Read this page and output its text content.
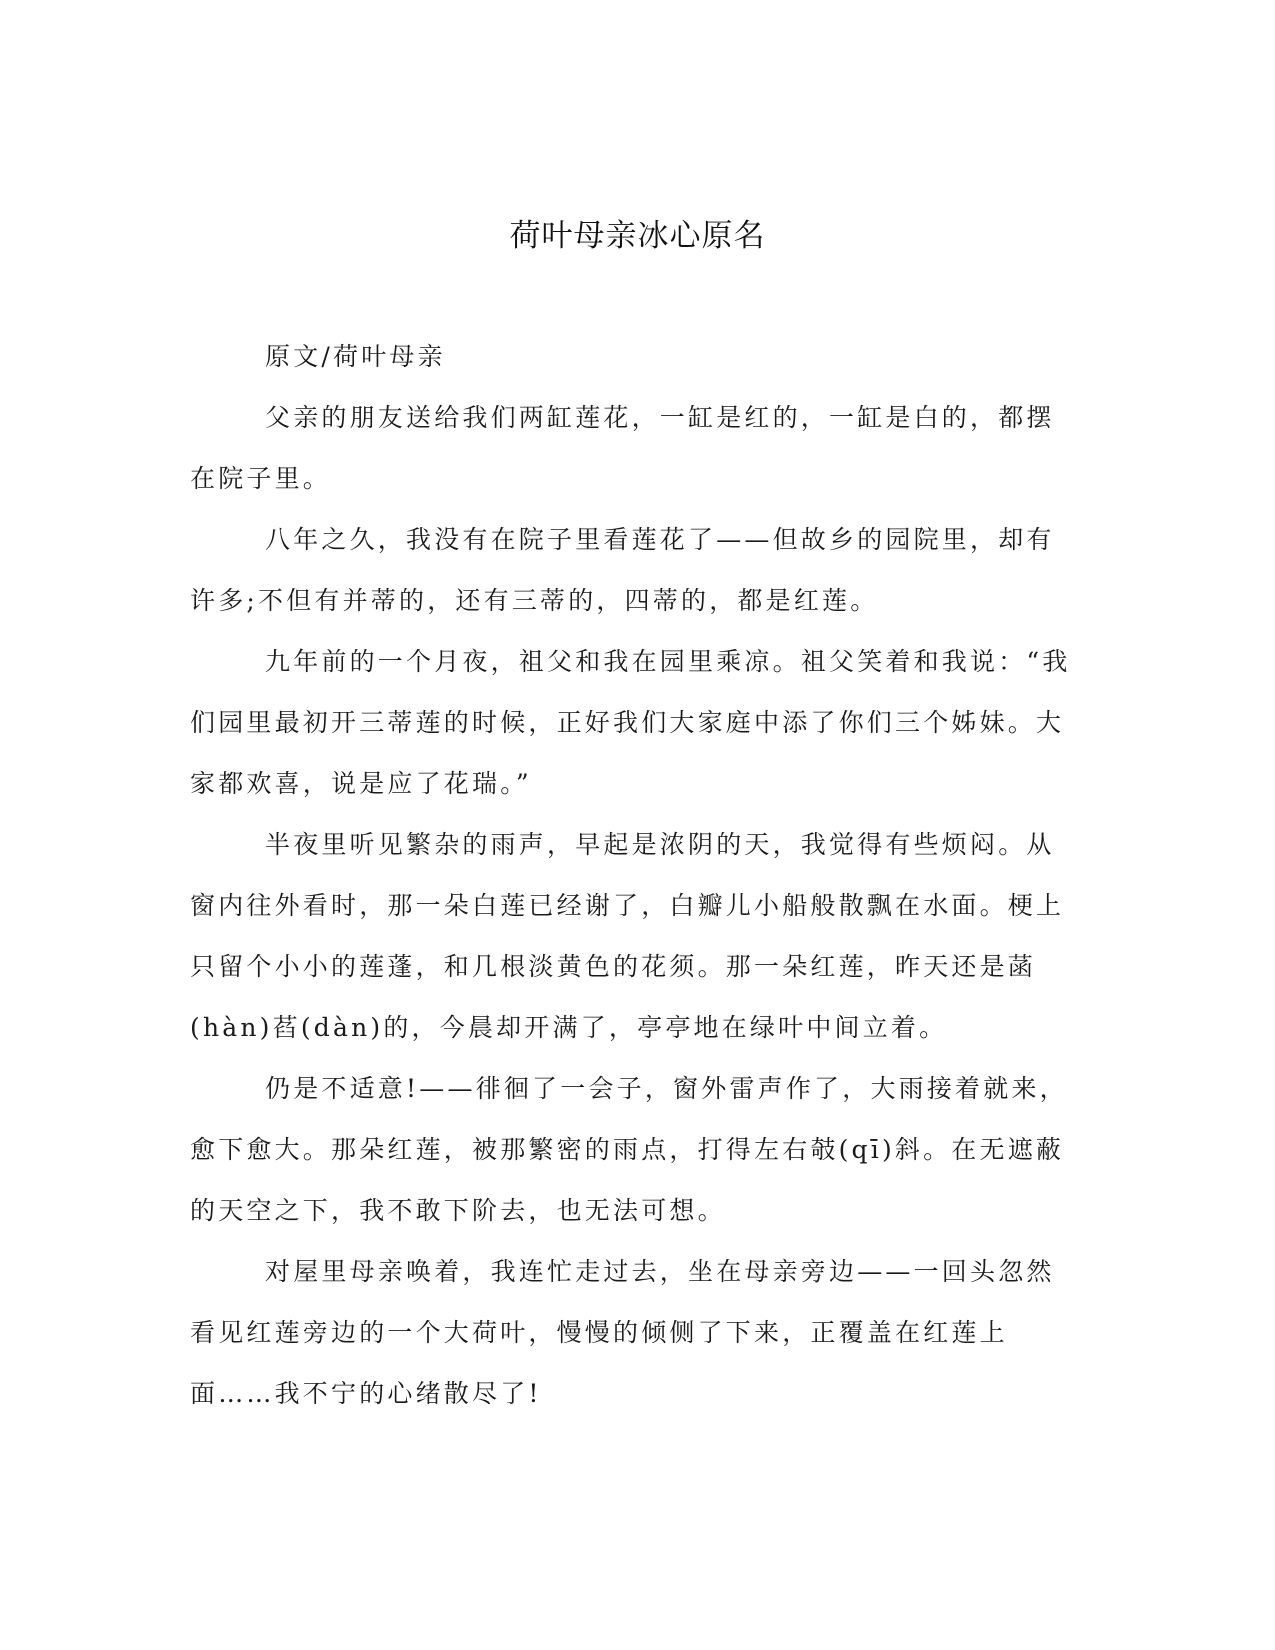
荷叶母亲冰心原名

原文/荷叶母亲

父亲的朋友送给我们两缸莲花，一缸是红的，一缸是白的，都摆在院子里。

八年之久，我没有在院子里看莲花了——但故乡的园院里，却有许多;不但有并蒂的，还有三蒂的，四蒂的，都是红莲。

九年前的一个月夜，祖父和我在园里乘凉。祖父笑着和我说：“我们园里最初开三蒂莲的时候，正好我们大家庭中添了你们三个姊妹。大家都欢喜，说是应了花瑞。”

半夜里听见繁杂的雨声，早起是浓阴的天，我觉得有些烦闷。从窗内往外看时，那一朵白莲已经谢了，白瓣儿小船般散飘在水面。梗上只留个小小的莲蓬，和几根淡黄色的花须。那一朵红莲，昨天还是菡(hàn)萏(dàn)的，今晨却开满了，亭亭地在绿叶中间立着。

仍是不适意!——徘徊了一会子，窗外雷声作了，大雨接着就来，愈下愈大。那朵红莲，被那繁密的雨点，打得左右攲(qī)斜。在无遮蔽的天空之下，我不敢下阶去，也无法可想。

对屋里母亲唤着，我连忙走过去，坐在母亲旁边——一回头忽然看见红莲旁边的一个大荷叶，慢慢的倾侧了下来，正覆盖在红莲上面……我不宁的心绪散尽了!
